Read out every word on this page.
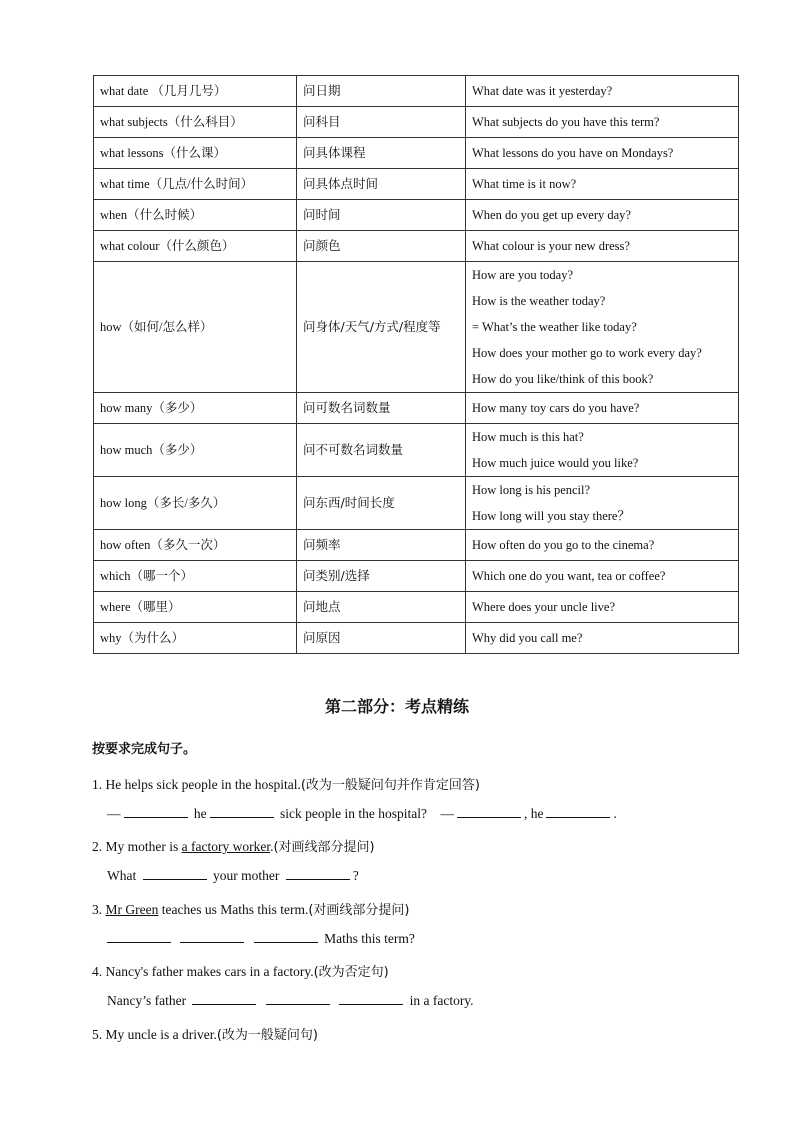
what date （几月几号）	问日期	What date was it yesterday?

what subjects（什么科目）	问科目	What subjects do you have this term?

what lessons（什么课）	问具体课程	What lessons do you have on Mondays?

what time（几点/什么时间）	问具体点时间	What time is it now?

when（什么时候）	问时间	When do you get up every day?

what colour（什么颜色）	问颜色	What colour is your new dress?

how（如何/怎么样）	问身体/天气/方式/程度等	How are you today?
How is the weather today?
= What’s the weather like today?
How does your mother go to work every day?
How do you like/think of this book?

how many（多少）	问可数名词数量	How many toy cars do you have?

how much（多少）	问不可数名词数量	How much is this hat?
How much juice would you like?

how long（多长/多久）	问东西/时间长度	How long is his pencil?
How long will you stay there？

how often（多久一次）	问频率	How often do you go to the cinema?

which（哪一个）	问类别/选择	Which one do you want, tea or coffee?

where（哪里）	问地点	Where does your uncle live?

why（为什么）	问原因	Why did you call me?
第二部分：考点精练
按要求完成句子。
1. He helps sick people in the hospital.(改为一般疑问句并作肯定回答)
—	he	sick people in the hospital? —	, he	.
2. My mother is a factory worker.(对画线部分提问)
What	your mother	?
3. Mr Green teaches us Maths this term.(对画线部分提问)
Maths this term?
4. Nancy's father makes cars in a factory.(改为否定句)
Nancy’s father	in a factory.
5. My uncle is a driver.(改为一般疑问句)
